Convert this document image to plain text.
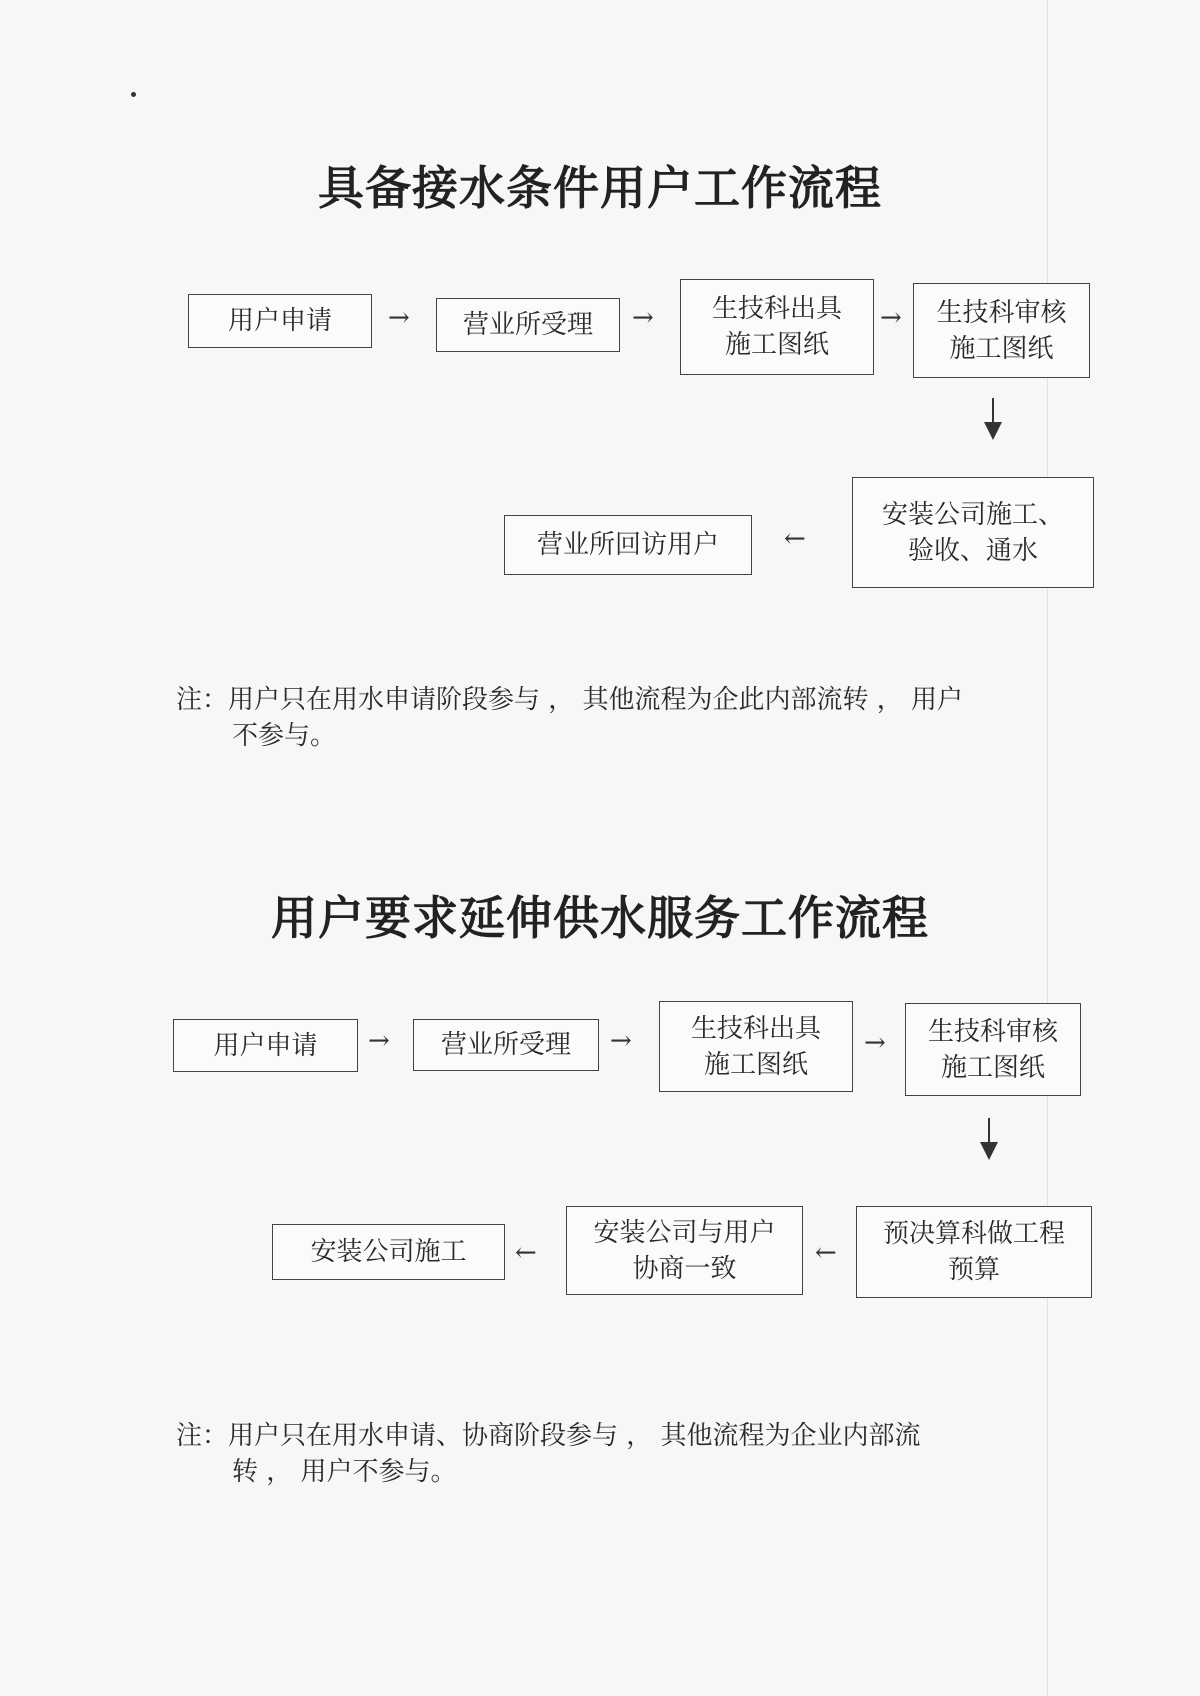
具备接水条件用户工作流程
用户申请 → 营业所受理 → 生技科出具
施工图纸
→ 生技科审核
施工图纸
安装公司施工、
验收、通水
←
营业所回访用户
注：用户只在用水申请阶段参与 ， 其他流程为企此内部流转 ， 用户
不参与。
用户要求延伸供水服务工作流程
用户申请 → 营业所受理 → 生技科出具
施工图纸
→ 生技科审核
施工图纸
预决算科做工程
预算
←
安装公司与用户
协商一致
←
安装公司施工
注：用户只在用水申请、协商阶段参与 ， 其他流程为企业内部流
转 ， 用户不参与。
